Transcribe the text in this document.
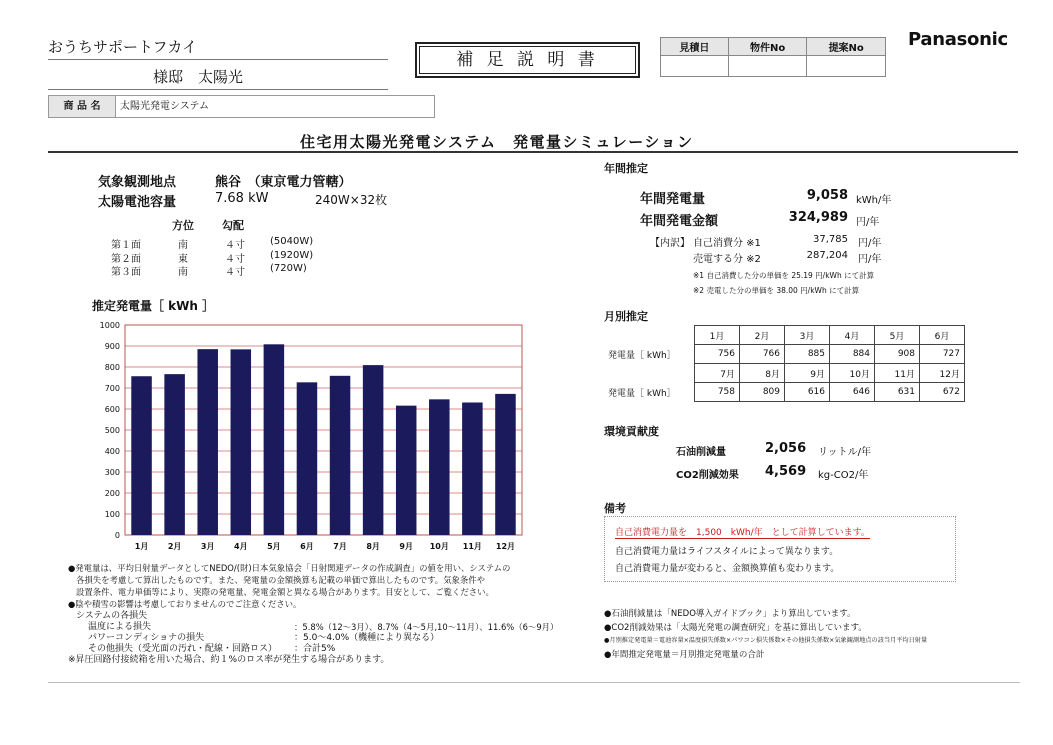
おうちサポートフカイ
様邸　太陽光
補 足 説 明 書
見積日	物件No	提案No
		Panasonic
商 品 名	太陽光発電システム
住宅用太陽光発電システム　発電量シミュレーション
気象観測地点	熊谷　（東京電力管轄）
太陽電池容量	7.68 kW	240W×32枚
方位	勾配
第１面	南	４寸	(5040W)
第２面	東	４寸	(1920W)
第３面	南	４寸	(720W)
推定発電量［ kWh ］
0
100
200
300
400
500
600
700
800
900
1000
1月 2月 3月 4月 5月 6月 7月 8月 9月 10月 11月 12月
年間推定
年間発電量	9,058 kWh/年
年間発電金額	324,989 円/年
【内訳】 自己消費分 ※1	37,785 円/年
売電する分 ※2	287,204 円/年
※1 自己消費した分の単価を 25.19 円/kWh にて計算
※2 売電した分の単価を 38.00 円/kWh にて計算
月別推定
	1月	2月	3月	4月	5月	6月
発電量［ kWh］	756	766	885	884	908	727
	7月	8月	9月	10月	11月	12月
発電量［ kWh］	758	809	616	646	631	672
環境貢献度
石油削減量	2,056 リットル/年
CO2削減効果 4,569 kg-CO2/年
備考
自己消費電力量を　1,500　kWh/年　として計算しています。
自己消費電力量はライフスタイルによって異なります。
自己消費電力量が変わると、金額換算値も変わります。
●石油削減量は「NEDO導入ガイドブック」より算出しています。
●CO2削減効果は「太陽光発電の調査研究」を基に算出しています。
●月別推定発電量＝電池容量×温度損失係数×パワコン損失係数×その他損失係数×気象観測地点の該当月平均日射量
●年間推定発電量＝月別推定発電量の合計
●発電量は、平均日射量データとしてNEDO/(財)日本気象協会「日射関連データの作成調査」の値を用い、システムの
各損失を考慮して算出したものです。また、発電量の金額換算も記載の単価で算出したものです。気象条件や
設置条件、電力単価等により、実際の発電量、発電金額と異なる場合があります。目安として、ご覧ください。
●陰や積雪の影響は考慮しておりませんのでご注意ください。
システムの各損失
温度による損失	：5.8%（12～3月）、8.7%（4～5月,10～11月）、11.6%（6～9月）
パワーコンディショナの損失	：5.0～4.0%（機種により異なる）
その他損失（受光面の汚れ・配線・回路ロス） ：合計5%
※昇圧回路付接続箱を用いた場合、約１%のロス率が発生する場合があります。
